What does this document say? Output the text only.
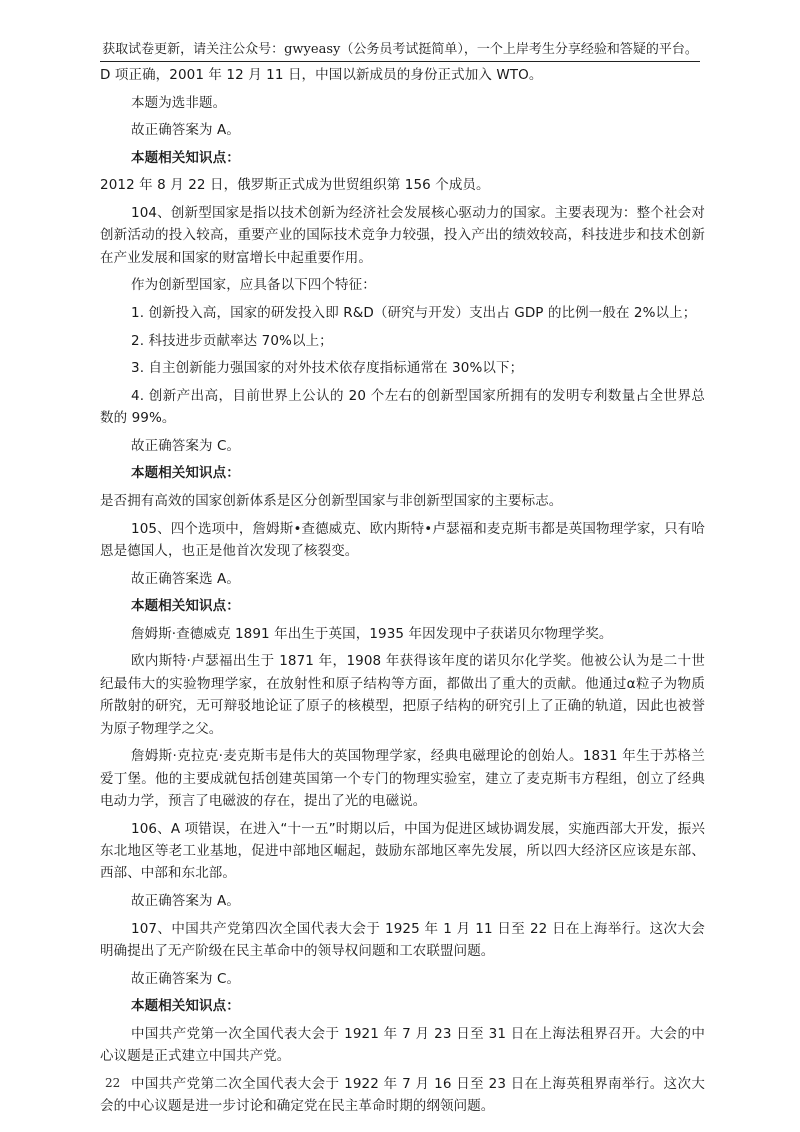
获取试卷更新，请关注公众号：gwyeasy（公务员考试挺简单），一个上岸考生分享经验和答疑的平台。

D 项正确，2001 年 12 月 11 日，中国以新成员的身份正式加入 WTO。

本题为选非题。

故正确答案为 A。

本题相关知识点：

2012 年 8 月 22 日，俄罗斯正式成为世贸组织第 156 个成员。

104、创新型国家是指以技术创新为经济社会发展核心驱动力的国家。主要表现为：整个社会对创新活动的投入较高，重要产业的国际技术竞争力较强，投入产出的绩效较高，科技进步和技术创新在产业发展和国家的财富增长中起重要作用。

作为创新型国家，应具备以下四个特征：

1. 创新投入高，国家的研发投入即 R&D（研究与开发）支出占 GDP 的比例一般在 2%以上；

2. 科技进步贡献率达 70%以上；

3. 自主创新能力强国家的对外技术依存度指标通常在 30%以下；

4. 创新产出高，目前世界上公认的 20 个左右的创新型国家所拥有的发明专利数量占全世界总数的 99%。

故正确答案为 C。

本题相关知识点：

是否拥有高效的国家创新体系是区分创新型国家与非创新型国家的主要标志。

105、四个选项中，詹姆斯•查德威克、欧内斯特•卢瑟福和麦克斯韦都是英国物理学家，只有哈恩是德国人，也正是他首次发现了核裂变。

故正确答案选 A。

本题相关知识点：

詹姆斯·查德威克 1891 年出生于英国，1935 年因发现中子获诺贝尔物理学奖。

欧内斯特·卢瑟福出生于 1871 年，1908 年获得该年度的诺贝尔化学奖。他被公认为是二十世纪最伟大的实验物理学家，在放射性和原子结构等方面，都做出了重大的贡献。他通过α粒子为物质所散射的研究，无可辩驳地论证了原子的核模型，把原子结构的研究引上了正确的轨道，因此也被誉为原子物理学之父。

詹姆斯·克拉克·麦克斯韦是伟大的英国物理学家，经典电磁理论的创始人。1831 年生于苏格兰爱丁堡。他的主要成就包括创建英国第一个专门的物理实验室，建立了麦克斯韦方程组，创立了经典电动力学，预言了电磁波的存在，提出了光的电磁说。

106、A 项错误，在进入“十一五”时期以后，中国为促进区域协调发展，实施西部大开发，振兴东北地区等老工业基地，促进中部地区崛起，鼓励东部地区率先发展，所以四大经济区应该是东部、西部、中部和东北部。

故正确答案为 A。

107、中国共产党第四次全国代表大会于 1925 年 1 月 11 日至 22 日在上海举行。这次大会明确提出了无产阶级在民主革命中的领导权问题和工农联盟问题。

故正确答案为 C。

本题相关知识点：

中国共产党第一次全国代表大会于 1921 年 7 月 23 日至 31 日在上海法租界召开。大会的中心议题是正式建立中国共产党。

中国共产党第二次全国代表大会于 1922 年 7 月 16 日至 23 日在上海英租界南举行。这次大会的中心议题是进一步讨论和确定党在民主革命时期的纲领问题。

22
